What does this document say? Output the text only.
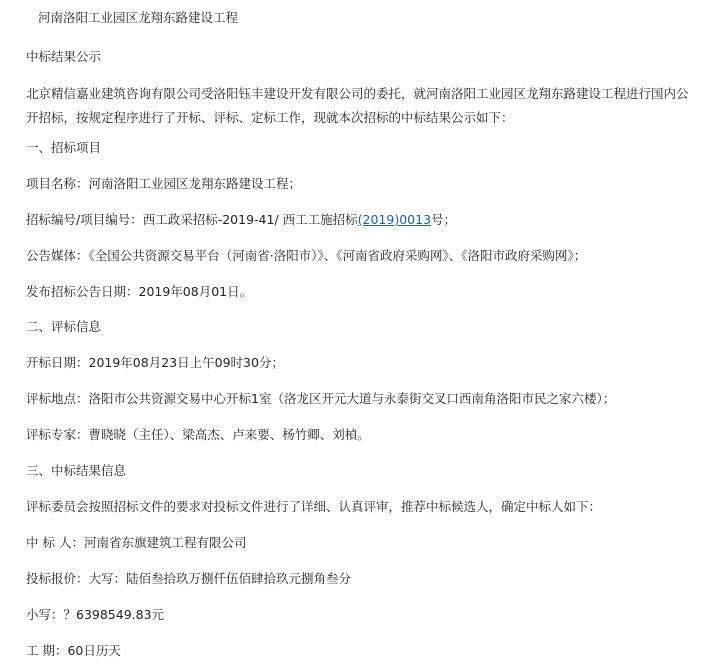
河南洛阳工业园区龙翔东路建设工程
中标结果公示
北京精信嘉业建筑咨询有限公司受洛阳钰丰建设开发有限公司的委托，就河南洛阳工业园区龙翔东路建设工程进行国内公开招标，按规定程序进行了开标、评标、定标工作，现就本次招标的中标结果公示如下：
一、招标项目
项目名称：河南洛阳工业园区龙翔东路建设工程；
招标编号/项目编号：西工政采招标-2019-41/ 西工工施招标(2019)0013号；
公告媒体：《全国公共资源交易平台（河南省·洛阳市）》、《河南省政府采购网》、《洛阳市政府采购网》；
发布招标公告日期：2019年08月01日。
二、评标信息
开标日期：2019年08月23日上午09时30分；
评标地点：洛阳市公共资源交易中心开标1室（洛龙区开元大道与永泰街交叉口西南角洛阳市民之家六楼）；
评标专家：曹晓晓（主任）、梁高杰、卢来要、杨竹卿、刘楨。
三、中标结果信息
评标委员会按照招标文件的要求对投标文件进行了详细、认真评审，推荐中标候选人，确定中标人如下：
中 标 人：河南省东旗建筑工程有限公司
投标报价：大写：陆佰叁拾玖万捌仟伍佰肆拾玖元捌角叁分
小写：？6398549.83元
工 期：60日历天
